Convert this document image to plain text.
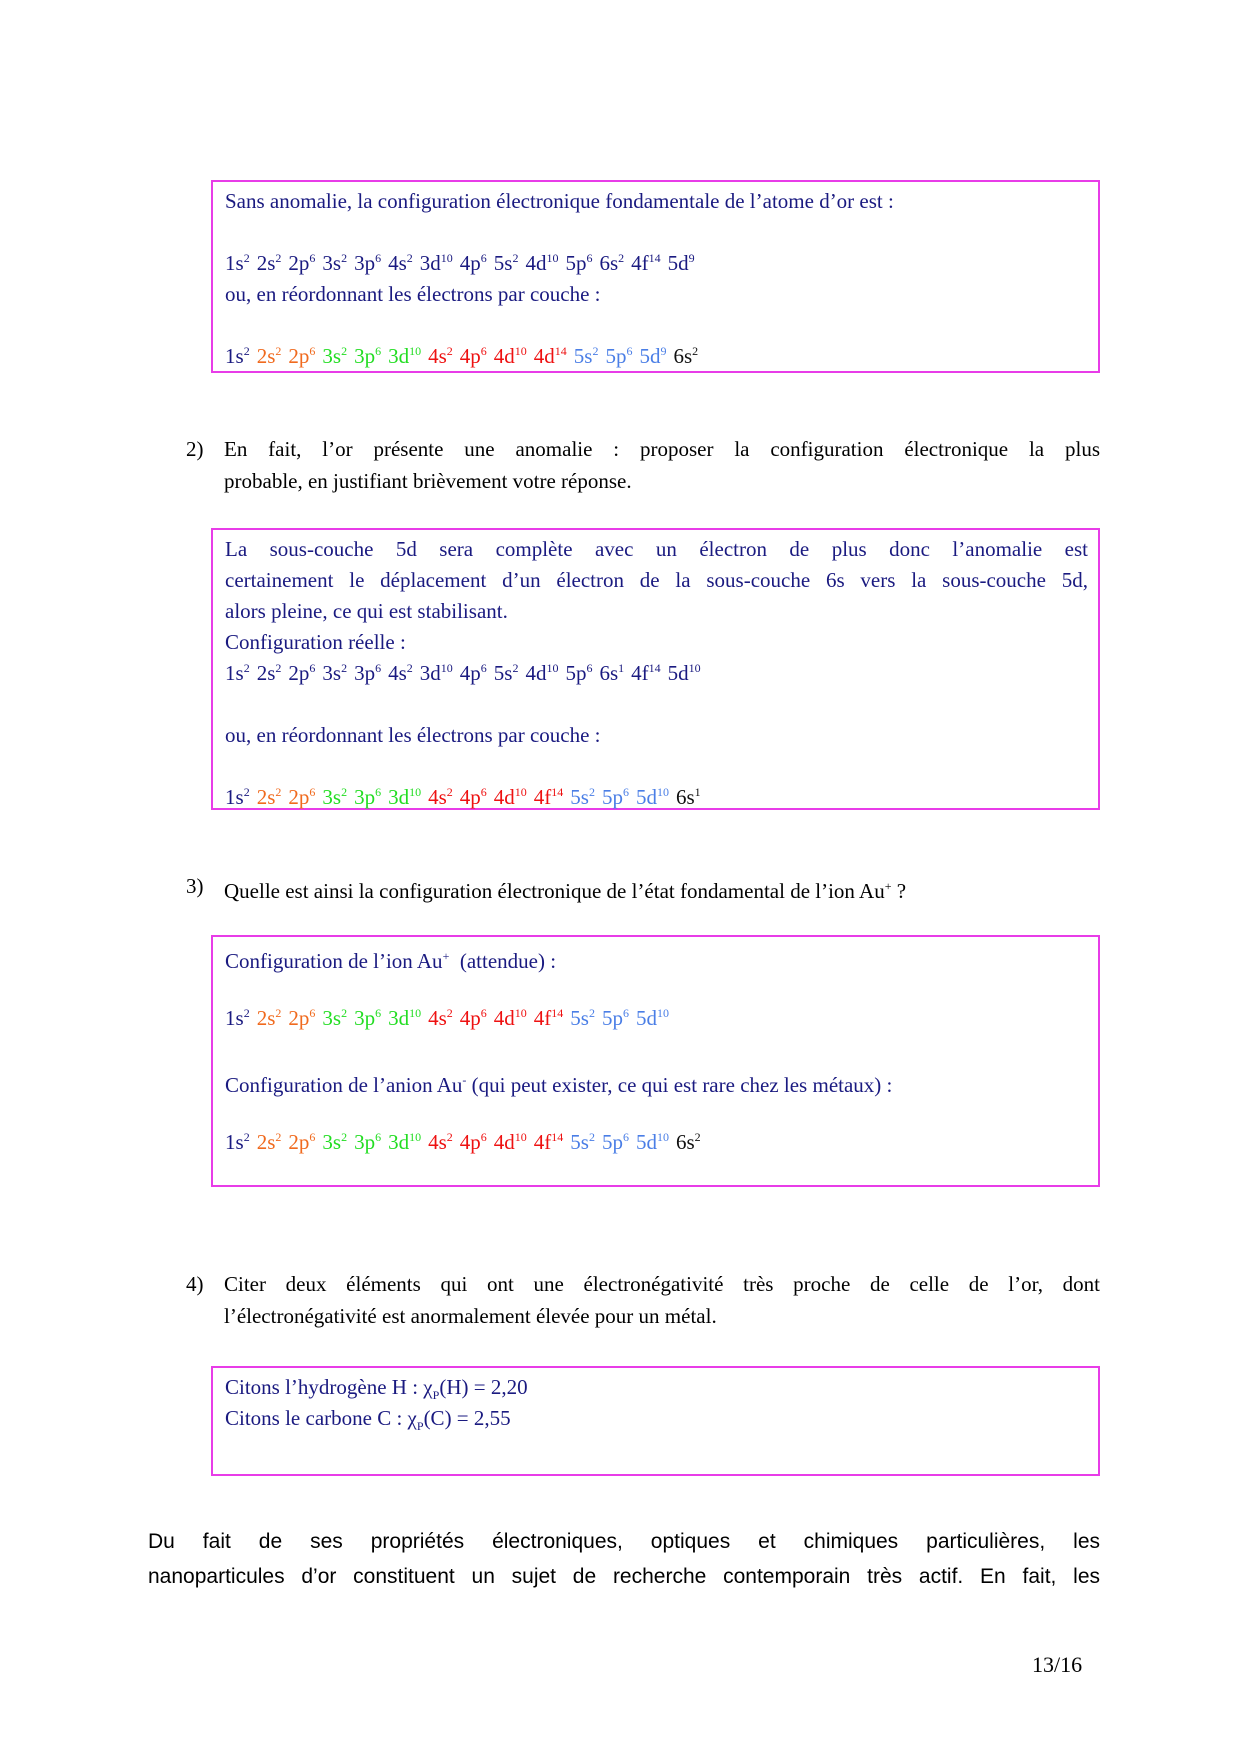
Sans anomalie, la configuration électronique fondamentale de l’atome d’or est :
$1s^2$ $2s^2$ $2p^6$ $3s^2$ $3p^6$ $4s^2$ $3d^{10}$ $4p^6$ $5s^2$ $4d^{10}$ $5p^6$ $6s^2$ $4f^{14}$ $5d^9$
ou, en réordonnant les électrons par couche :
$1s^2$ $2s^2$ $2p^6$ $3s^2$ $3p^6$ $3d^{10}$ $4s^2$ $4p^6$ $4d^{10}$ $4d^{14}$ $5s^2$ $5p^6$ $5d^9$ $6s^2$
2) En fait, l’or présente une anomalie : proposer la configuration électronique la plus
probable, en justifiant brièvement votre réponse.
La sous-couche 5d sera complète avec un électron de plus donc l’anomalie est
certainement le déplacement d’un électron de la sous-couche 6s vers la sous-couche 5d,
alors pleine, ce qui est stabilisant.
Configuration réelle :
$1s^2$ $2s^2$ $2p^6$ $3s^2$ $3p^6$ $4s^2$ $3d^{10}$ $4p^6$ $5s^2$ $4d^{10}$ $5p^6$ $6s^1$ $4f^{14}$ $5d^{10}$
ou, en réordonnant les électrons par couche :
$1s^2$ $2s^2$ $2p^6$ $3s^2$ $3p^6$ $3d^{10}$ $4s^2$ $4p^6$ $4d^{10}$ $4f^{14}$ $5s^2$ $5p^6$ $5d^{10}$ $6s^1$
3) Quelle est ainsi la configuration électronique de l’état fondamental de l’ion Au+ ?
Configuration de l’ion Au+  (attendue) :
$1s^2$ $2s^2$ $2p^6$ $3s^2$ $3p^6$ $3d^{10}$ $4s^2$ $4p^6$ $4d^{10}$ $4f^{14}$ $5s^2$ $5p^6$ $5d^{10}$
Configuration de l’anion Au- (qui peut exister, ce qui est rare chez les métaux) :
$1s^2$ $2s^2$ $2p^6$ $3s^2$ $3p^6$ $3d^{10}$ $4s^2$ $4p^6$ $4d^{10}$ $4f^{14}$ $5s^2$ $5p^6$ $5d^{10}$ $6s^2$
4) Citer deux éléments qui ont une électronégativité très proche de celle de l’or, dont
l’électronégativité est anormalement élevée pour un métal.
Citons l’hydrogène H : $\chi_P(H) = 2,20$
Citons le carbone C : $\chi_P(C) = 2,55$
Du fait de ses propriétés électroniques, optiques et chimiques particulières, les
nanoparticules d’or constituent un sujet de recherche contemporain très actif. En fait, les
13/16
